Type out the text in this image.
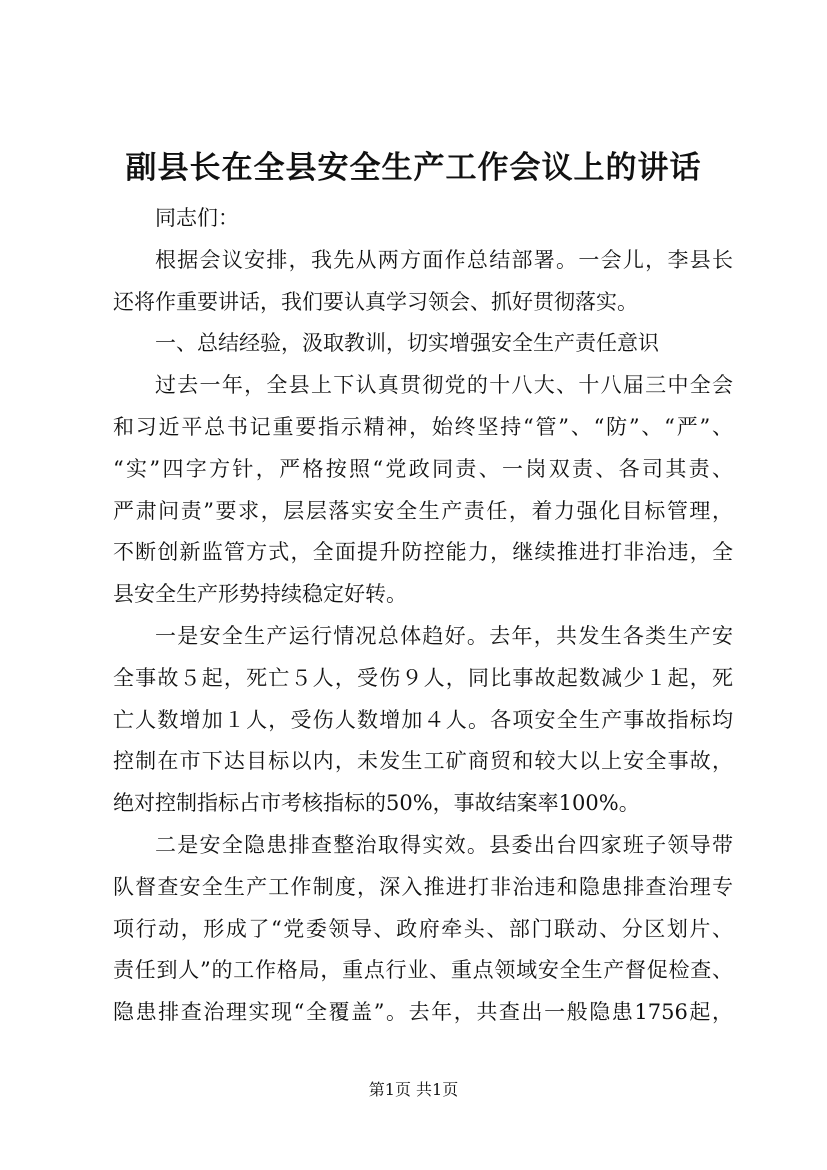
副县长在全县安全生产工作会议上的讲话
同志们：
根据会议安排，我先从两方面作总结部署。一会儿，李县长
还将作重要讲话，我们要认真学习领会、抓好贯彻落实。
一、总结经验，汲取教训，切实增强安全生产责任意识
过去一年，全县上下认真贯彻党的十八大、十八届三中全会
和习近平总书记重要指示精神，始终坚持“管”、“防”、“严”、
“实”四字方针，严格按照“党政同责、一岗双责、各司其责、
严肃问责”要求，层层落实安全生产责任，着力强化目标管理，
不断创新监管方式，全面提升防控能力，继续推进打非治违，全
县安全生产形势持续稳定好转。
一是安全生产运行情况总体趋好。去年，共发生各类生产安
全事故５起，死亡５人，受伤９人，同比事故起数减少１起，死
亡人数增加１人，受伤人数增加４人。各项安全生产事故指标均
控制在市下达目标以内，未发生工矿商贸和较大以上安全事故，
绝对控制指标占市考核指标的50%，事故结案率100%。
二是安全隐患排查整治取得实效。县委出台四家班子领导带
队督查安全生产工作制度，深入推进打非治违和隐患排查治理专
项行动，形成了“党委领导、政府牵头、部门联动、分区划片、
责任到人”的工作格局，重点行业、重点领域安全生产督促检查、
隐患排查治理实现“全覆盖”。去年，共查出一般隐患1756起，
第1页 共1页
